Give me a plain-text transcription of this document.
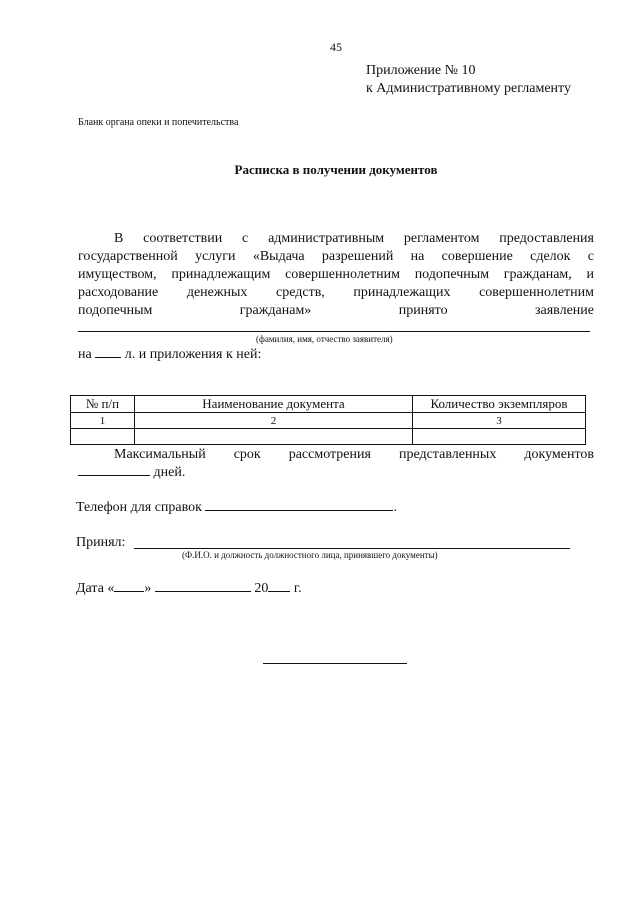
45
Приложение № 10
к Административному регламенту
Бланк органа опеки и попечительства
Расписка в получении документов
В соответствии с административным регламентом предоставления
государственной услуги «Выдача разрешений на совершение сделок с
имуществом, принадлежащим совершеннолетним подопечным гражданам, и
расходование денежных средств, принадлежащих совершеннолетним
подопечным гражданам» принято заявление
(фамилия, имя, отчество заявителя)
на л. и приложения к ней:
№ п/п	Наименование документа	Количество экземпляров
1	2	3

Максимальный срок рассмотрения представленных документов
дней.
Телефон для справок	.
Принял:
(Ф.И.О. и должность должностного лица, принявшего документы)
Дата « »	20 г.
